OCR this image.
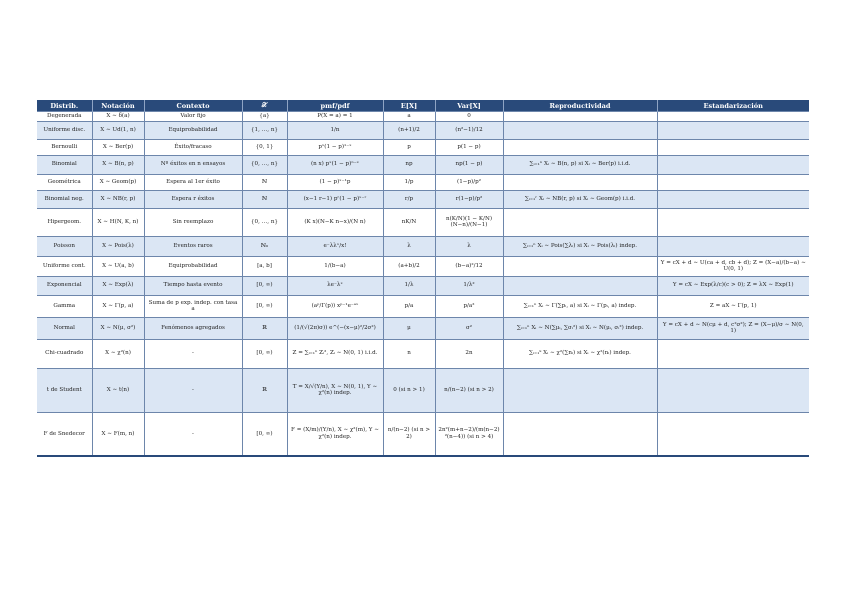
Distrib.	Notación	Contexto	𝒳	pmf/pdf	E[X]	Var[X]	Reproductividad	Estandarización
Degenerada	X ∼ δ(a)	Valor fijo	{a}	P(X = a) = 1	a	0		
Uniforme disc.	X ∼ Ud(1, n)	Equiprobabilidad	{1, …, n}	1/n	(n+1)/2	(n²−1)/12		
Bernoulli	X ∼ Ber(p)	Éxito/fracaso	{0, 1}	pˣ(1 − p)¹⁻ˣ	p	p(1 − p)		
Binomial	X ∼ B(n, p)	Nº éxitos en n ensayos	{0, …, n}	(n x) pˣ(1 − p)ⁿ⁻ˣ	np	np(1 − p)	∑ᵢ₌₁ⁿ Xᵢ ∼ B(n, p) si Xᵢ ∼ Ber(p) i.i.d.	
Geométrica	X ∼ Geom(p)	Espera al 1er éxito	ℕ	(1 − p)ˣ⁻¹p	1/p	(1−p)/p²		
Binomial neg.	X ∼ NB(r, p)	Espera r éxitos	ℕ	(x−1 r−1) pʳ(1 − p)ˣ⁻ʳ	r/p	r(1−p)/p²	∑ᵢ₌₁ʳ Xᵢ ∼ NB(r, p) si Xᵢ ∼ Geom(p) i.i.d.	
Hipergeom.	X ∼ H(N, K, n)	Sin reemplazo	{0, …, n}	(K x)(N−K n−x)/(N n)	nK/N	n(K/N)(1 − K/N)(N−n)/(N−1)		
Poisson	X ∼ Pois(λ)	Eventos raros	ℕ₀	e⁻λλˣ/x!	λ	λ	∑ᵢ₌₁ⁿ Xᵢ ∼ Pois(∑λᵢ) si Xᵢ ∼ Pois(λᵢ) indep.	
Uniforme cont.	X ∼ U(a, b)	Equiprobabilidad	[a, b]	1/(b−a)	(a+b)/2	(b−a)²/12		Y = cX + d ∼ U(ca + d, cb + d); Z = (X−a)/(b−a) ∼ U(0, 1)
Exponencial	X ∼ Exp(λ)	Tiempo hasta evento	[0, ∞)	λe⁻λˣ	1/λ	1/λ²		Y = cX ∼ Exp(λ/c)(c > 0); Z = λX ∼ Exp(1)
Gamma	X ∼ Γ(p, a)	Suma de p exp. indep. con tasa a	[0, ∞)	(aᵖ/Γ(p)) xᵖ⁻¹e⁻ᵃˣ	p/a	p/a²	∑ᵢ₌₁ⁿ Xᵢ ∼ Γ(∑pᵢ, a) si Xᵢ ∼ Γ(pᵢ, a) indep.	Z = aX ∼ Γ(p, 1)
Normal	X ∼ N(μ, σ²)	Fenómenos agregados	ℝ	(1/(√(2π)σ)) e^(−(x−μ)²/2σ²)	μ	σ²	∑ᵢ₌₁ⁿ Xᵢ ∼ N(∑μᵢ, ∑σᵢ²) si Xᵢ ∼ N(μᵢ, σᵢ²) indep.	Y = cX + d ∼ N(cμ + d, c²σ²); Z = (X−μ)/σ ∼ N(0, 1)
Chi-cuadrado	X ∼ χ²(n)	-	[0, ∞)	Z = ∑ᵢ₌₁ⁿ Zᵢ², Zᵢ ∼ N(0, 1) i.i.d.	n	2n	∑ᵢ₌₁ᵏ Xᵢ ∼ χ²(∑nᵢ) si Xᵢ ∼ χ²(nᵢ) indep.	
t de Student	X ∼ t(n)	-	ℝ	T = X/√(Y/n), X ∼ N(0, 1), Y ∼ χ²(n) indep.	0 (si n > 1)	n/(n−2) (si n > 2)		
F de Snedecor	X ∼ F(m, n)	-	[0, ∞)	F = (X/m)/(Y/n), X ∼ χ²(m), Y ∼ χ²(n) indep.	n/(n−2) (si n > 2)	2n²(m+n−2)/(m(n−2)²(n−4)) (si n > 4)		
